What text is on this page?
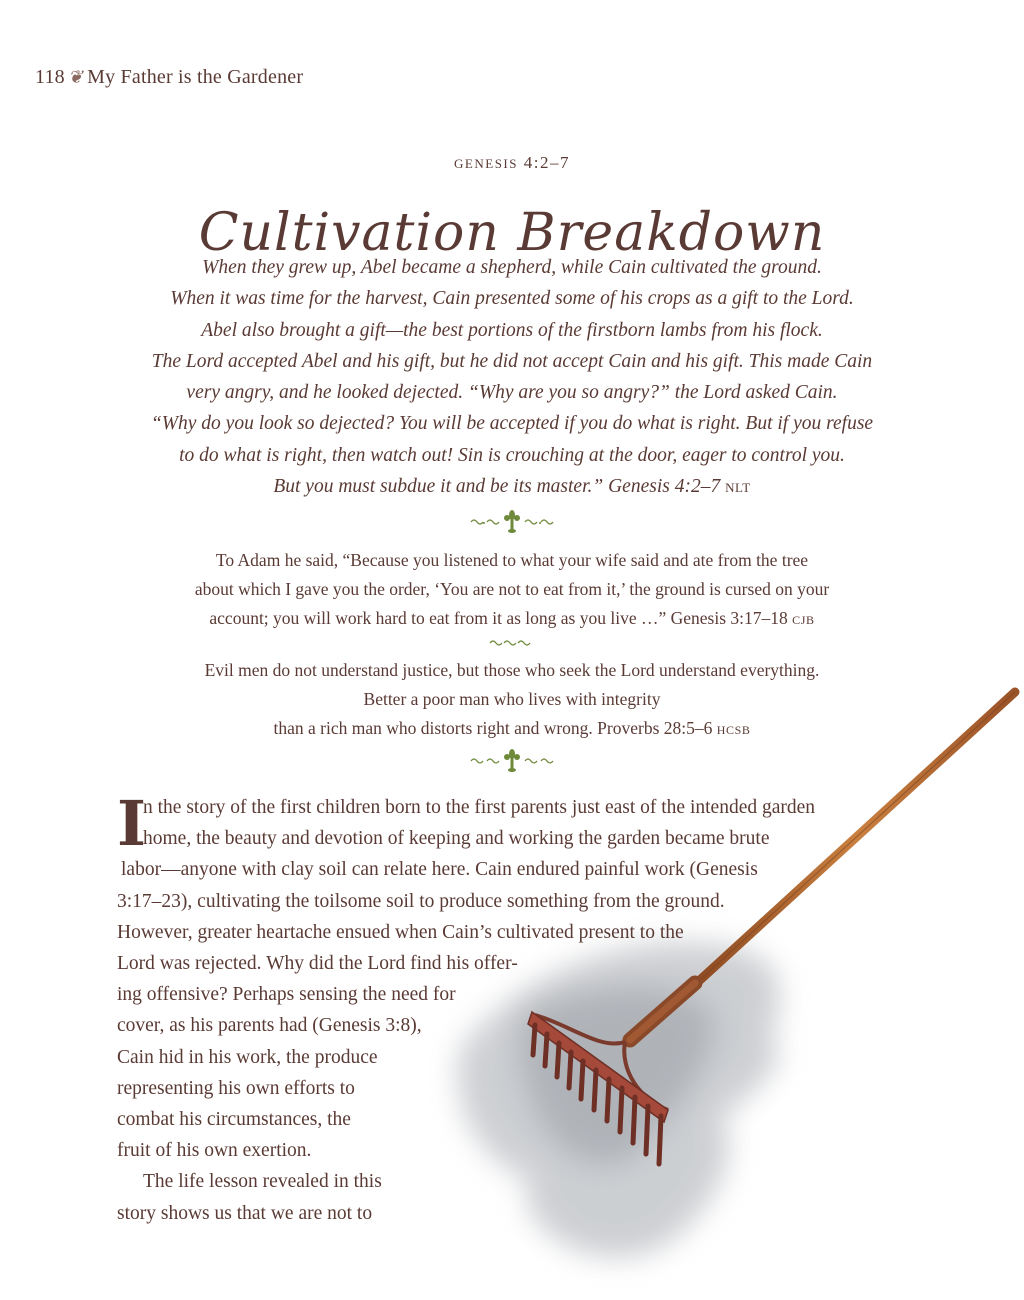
118 ❦ My Father is the Gardener
genesis 4:2–7
Cultivation Breakdown
When they grew up, Abel became a shepherd, while Cain cultivated the ground.
When it was time for the harvest, Cain presented some of his crops as a gift to the Lord.
Abel also brought a gift—the best portions of the firstborn lambs from his flock.
The Lord accepted Abel and his gift, but he did not accept Cain and his gift. This made Cain
very angry, and he looked dejected. “Why are you so angry?” the Lord asked Cain.
“Why do you look so dejected? You will be accepted if you do what is right. But if you refuse
to do what is right, then watch out! Sin is crouching at the door, eager to control you.
But you must subdue it and be its master.” Genesis 4:2–7 NLT
To Adam he said, “Because you listened to what your wife said and ate from the tree
about which I gave you the order, ‘You are not to eat from it,’ the ground is cursed on your
account; you will work hard to eat from it as long as you live …” Genesis 3:17–18 CJB
Evil men do not understand justice, but those who seek the Lord understand everything.
Better a poor man who lives with integrity
than a rich man who distorts right and wrong. Proverbs 28:5–6 HCSB
I
n the story of the first children born to the first parents just east of the intended garden
home, the beauty and devotion of keeping and working the garden became brute
labor—anyone with clay soil can relate here. Cain endured painful work (Genesis
3:17–23), cultivating the toilsome soil to produce something from the ground.
However, greater heartache ensued when Cain’s cultivated present to the
Lord was rejected. Why did the Lord find his offer-
ing offensive? Perhaps sensing the need for
cover, as his parents had (Genesis 3:8),
Cain hid in his work, the produce
representing his own efforts to
combat his circumstances, the
fruit of his own exertion.
The life lesson revealed in this
story shows us that we are not to
